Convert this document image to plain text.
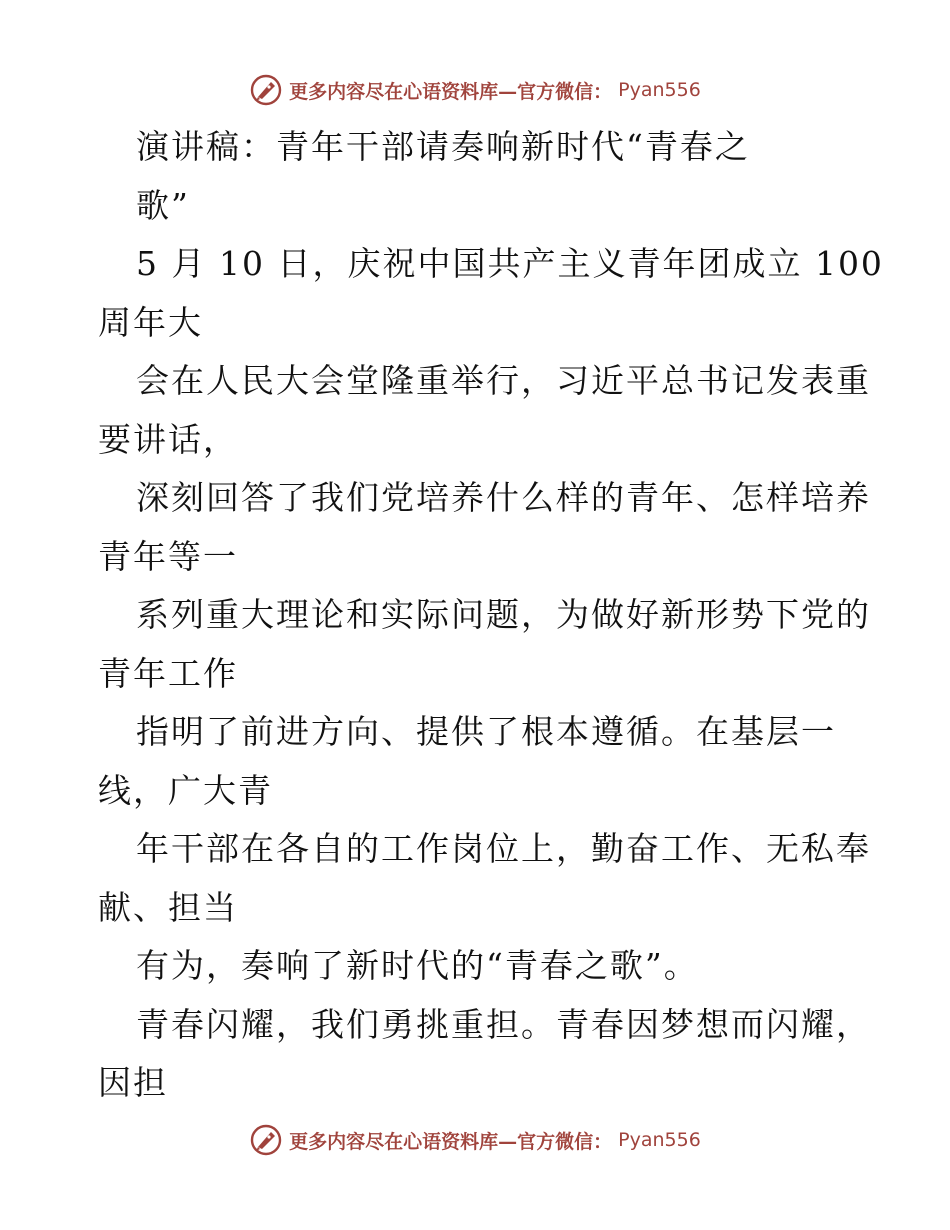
更多内容尽在心语资料库—官方微信： Pyan556
演讲稿：青年干部请奏响新时代“青春之
歌”
5 月 10 日，庆祝中国共产主义青年团成立 100
周年大
会在人民大会堂隆重举行，习近平总书记发表重
要讲话，
深刻回答了我们党培养什么样的青年、怎样培养
青年等一
系列重大理论和实际问题，为做好新形势下党的
青年工作
指明了前进方向、提供了根本遵循。在基层一
线，广大青
年干部在各自的工作岗位上，勤奋工作、无私奉
献、担当
有为，奏响了新时代的“青春之歌”。
青春闪耀，我们勇挑重担。青春因梦想而闪耀，
因担
更多内容尽在心语资料库—官方微信： Pyan556
